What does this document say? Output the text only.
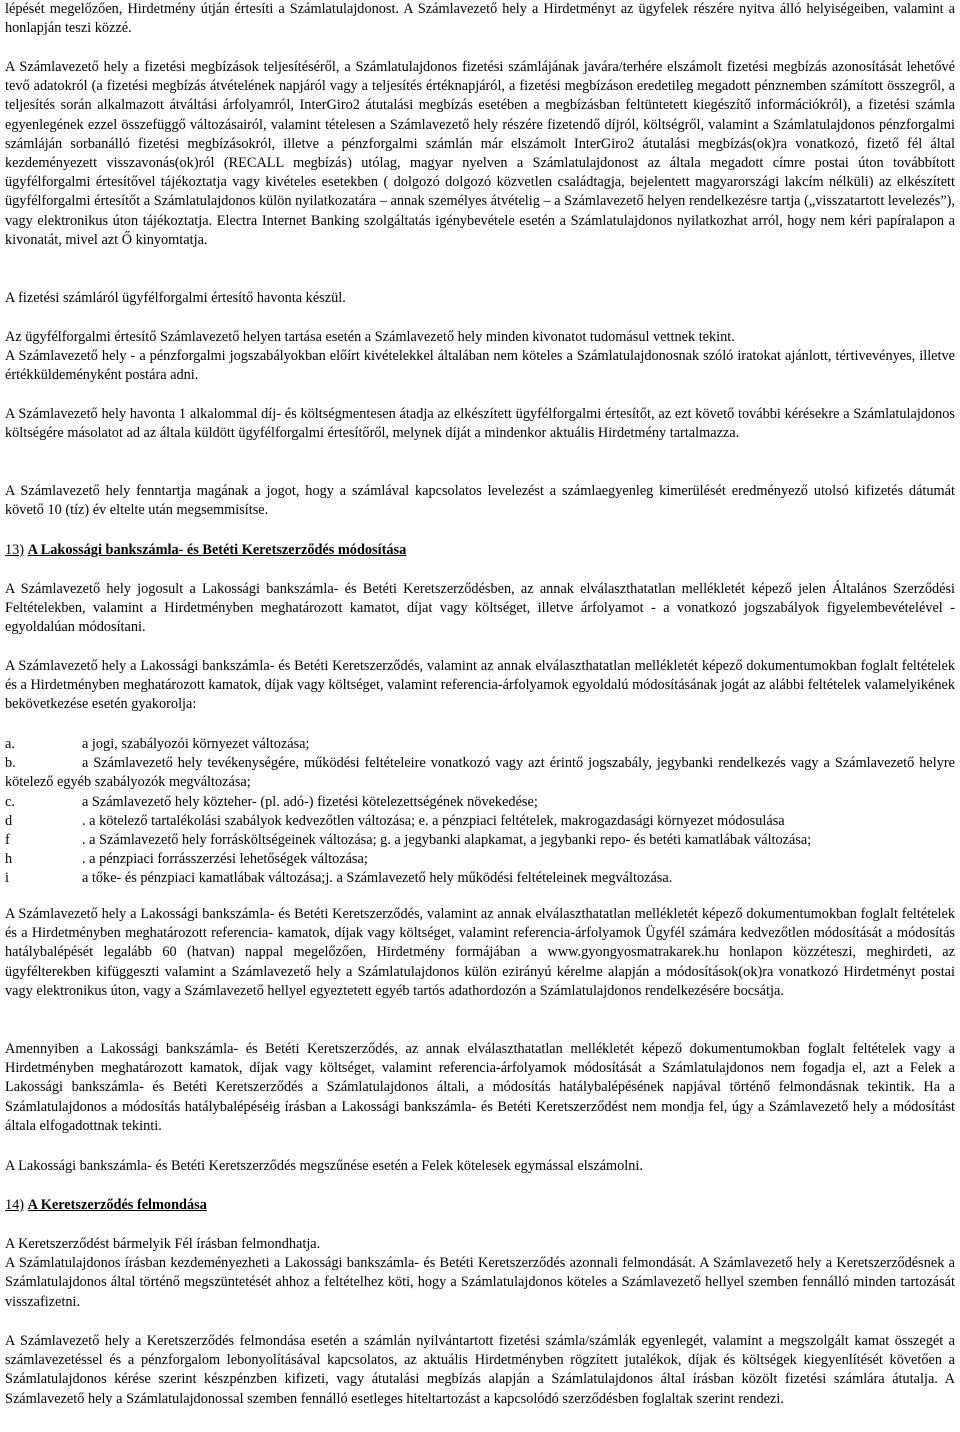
lépését megelőzően, Hirdetmény útján értesíti a Számlatulajdonost. A Számlavezető hely a Hirdetményt az ügyfelek részére nyitva álló helyiségeiben, valamint a honlapján teszi közzé.

A Számlavezető hely a fizetési megbízások teljesítéséről, a Számlatulajdonos fizetési számlájának javára/terhére elszámolt fizetési megbízás azonosítását lehetővé tevő adatokról (a fizetési megbízás átvételének napjáról vagy a teljesítés értéknapjáról, a fizetési megbízáson eredetileg megadott pénznemben számított összegről, a teljesítés során alkalmazott átváltási árfolyamról, InterGiro2 átutalási megbízás esetében a megbízásban feltüntetett kiegészítő információkról), a fizetési számla egyenlegének ezzel összefüggő változásairól, valamint tételesen a Számlavezető hely részére fizetendő díjról, költségről, valamint a Számlatulajdonos pénzforgalmi számláján sorbanálló fizetési megbízásokról, illetve a pénzforgalmi számlán már elszámolt InterGiro2 átutalási megbízás(ok)ra vonatkozó, fizető fél által kezdeményezett visszavonás(ok)ról (RECALL megbízás) utólag, magyar nyelven a Számlatulajdonost az általa megadott címre postai úton továbbított ügyfélforgalmi értesítővel tájékoztatja vagy kivételes esetekben ( dolgozó dolgozó közvetlen családtagja, bejelentett magyarországi lakcím nélküli) az elkészített ügyfélforgalmi értesítőt a Számlatulajdonos külön nyilatkozatára – annak személyes átvételig – a Számlavezető helyen rendelkezésre tartja („visszatartott levelezés”), vagy elektronikus úton tájékoztatja. Electra Internet Banking szolgáltatás igénybevétele esetén a Számlatulajdonos nyilatkozhat arról, hogy nem kéri papíralapon a kivonatát, mivel azt Ő kinyomtatja.

A fizetési számláról ügyfélforgalmi értesítő havonta készül.

Az ügyfélforgalmi értesítő Számlavezető helyen tartása esetén a Számlavezető hely minden kivonatot tudomásul vettnek tekint.

A Számlavezető hely - a pénzforgalmi jogszabályokban előírt kivételekkel általában nem köteles a Számlatulajdonosnak szóló iratokat ajánlott, tértivevényes, illetve értékküldeményként postára adni.

A Számlavezető hely havonta 1 alkalommal díj- és költségmentesen átadja az elkészített ügyfélforgalmi értesítőt, az ezt követő további kérésekre a Számlatulajdonos költségére másolatot ad az általa küldött ügyfélforgalmi értesítőről, melynek díját a mindenkor aktuális Hirdetmény tartalmazza.

A Számlavezető hely fenntartja magának a jogot, hogy a számlával kapcsolatos levelezést a számlaegyenleg kimerülését eredményező utolsó kifizetés dátumát követő 10 (tíz) év eltelte után megsemmisítse.

13) A Lakossági bankszámla- és Betéti Keretszerződés módosítása

A Számlavezető hely jogosult a Lakossági bankszámla- és Betéti Keretszerződésben, az annak elválaszthatatlan mellékletét képező jelen Általános Szerződési Feltételekben, valamint a Hirdetményben meghatározott kamatot, díjat vagy költséget, illetve árfolyamot - a vonatkozó jogszabályok figyelembevételével -egyoldalúan módosítani.

A Számlavezető hely a Lakossági bankszámla- és Betéti Keretszerződés, valamint az annak elválaszthatatlan mellékletét képező dokumentumokban foglalt feltételek és a Hirdetményben meghatározott kamatok, díjak vagy költséget, valamint referencia-árfolyamok egyoldalú módosításának jogát az alábbi feltételek valamelyikének bekövetkezése esetén gyakorolja:

a.	a jogi, szabályozói környezet változása;
b.	a Számlavezető hely tevékenységére, működési feltételeire vonatkozó vagy azt érintő jogszabály, jegybanki rendelkezés vagy a Számlavezető helyre kötelező egyéb szabályozók megváltozása;
c.	a Számlavezető hely közteher- (pl. adó-) fizetési kötelezettségének növekedése;
d	. a kötelező tartalékolási szabályok kedvezőtlen változása; e. a pénzpiaci feltételek, makrogazdasági környezet módosulása
f	. a Számlavezető hely forrásköltségeinek változása; g. a jegybanki alapkamat, a jegybanki repo- és betéti kamatlábak változása;
h	. a pénzpiaci forrásszerzési lehetőségek változása;
i	a tőke- és pénzpiaci kamatlábak változása;j. a Számlavezető hely működési feltételeinek megváltozása.

A Számlavezető hely a Lakossági bankszámla- és Betéti Keretszerződés, valamint az annak elválaszthatatlan mellékletét képező dokumentumokban foglalt feltételek és a Hirdetményben meghatározott referencia- kamatok, díjak vagy költséget, valamint referencia-árfolyamok Ügyfél számára kedvezőtlen módosítását a módosítás hatálybalépését legalább 60 (hatvan) nappal megelőzően, Hirdetmény formájában a www.gyongyosmatrakarek.hu honlapon közzéteszi, meghirdeti, az ügyfélterekben kifüggeszti valamint a Számlavezető hely a Számlatulajdonos külön ezirányú kérelme alapján a módosítások(ok)ra vonatkozó Hirdetményt postai vagy elektronikus úton, vagy a Számlavezető hellyel egyeztetett egyéb tartós adathordozón a Számlatulajdonos rendelkezésére bocsátja.

Amennyiben a Lakossági bankszámla- és Betéti Keretszerződés, az annak elválaszthatatlan mellékletét képező dokumentumokban foglalt feltételek vagy a Hirdetményben meghatározott kamatok, díjak vagy költséget, valamint referencia-árfolyamok módosítását a Számlatulajdonos nem fogadja el, azt a Felek a Lakossági bankszámla- és Betéti Keretszerződés a Számlatulajdonos általi, a módosítás hatálybalépésének napjával történő felmondásnak tekintik. Ha a Számlatulajdonos a módosítás hatálybalépéséig írásban a Lakossági bankszámla- és Betéti Keretszerződést nem mondja fel, úgy a Számlavezető hely a módosítást általa elfogadottnak tekinti.

A Lakossági bankszámla- és Betéti Keretszerződés megszűnése esetén a Felek kötelesek egymással elszámolni.

14) A Keretszerződés felmondása

A Keretszerződést bármelyik Fél írásban felmondhatja.

A Számlatulajdonos írásban kezdeményezheti a Lakossági bankszámla- és Betéti Keretszerződés azonnali felmondását. A Számlavezető hely a Keretszerződésnek a Számlatulajdonos által történő megszüntetését ahhoz a feltételhez köti, hogy a Számlatulajdonos köteles a Számlavezető hellyel szemben fennálló minden tartozását visszafizetni.

A Számlavezető hely a Keretszerződés felmondása esetén a számlán nyilvántartott fizetési számla/számlák egyenlegét, valamint a megszolgált kamat összegét a számlavezetéssel és a pénzforgalom lebonyolításával kapcsolatos, az aktuális Hirdetményben rögzített jutalékok, díjak és költségek kiegyenlítését követően a Számlatulajdonos kérése szerint készpénzben kifizeti, vagy átutalási megbízás alapján a Számlatulajdonos által írásban közölt fizetési számlára átutalja. A Számlavezető hely a Számlatulajdonossal szemben fennálló esetleges hiteltartozást a kapcsolódó szerződésben foglaltak szerint rendezi.
